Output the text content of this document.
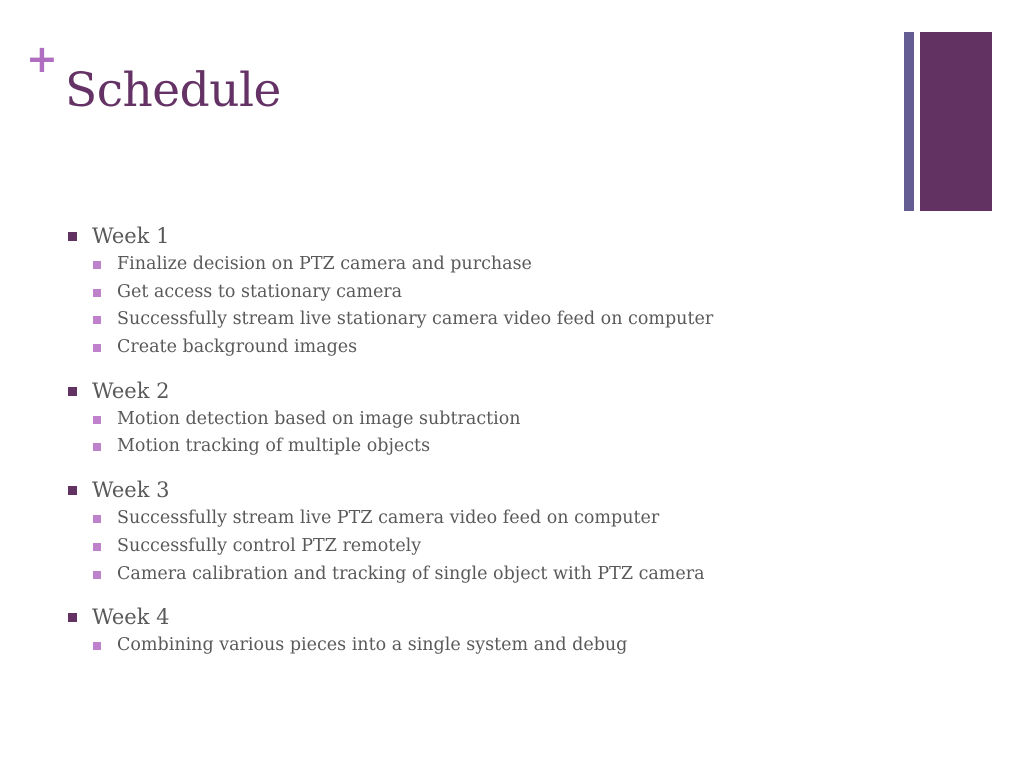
+
Schedule
Week 1
Finalize decision on PTZ camera and purchase
Get access to stationary camera
Successfully stream live stationary camera video feed on computer
Create background images
Week 2
Motion detection based on image subtraction
Motion tracking of multiple objects
Week 3
Successfully stream live PTZ camera video feed on computer
Successfully control PTZ remotely
Camera calibration and tracking of single object with PTZ camera
Week 4
Combining various pieces into a single system and debug
